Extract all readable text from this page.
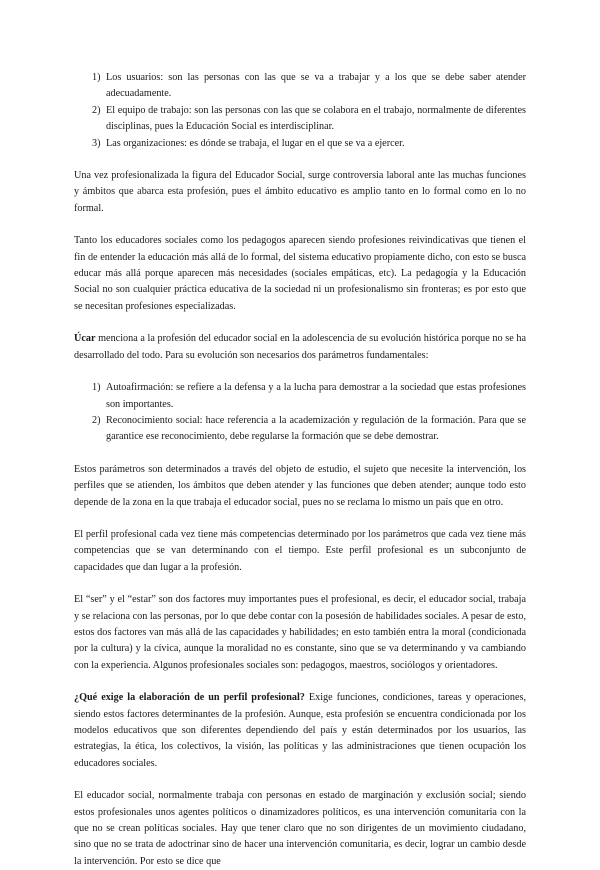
1) Los usuarios: son las personas con las que se va a trabajar y a los que se debe saber atender adecuadamente.
2) El equipo de trabajo: son las personas con las que se colabora en el trabajo, normalmente de diferentes disciplinas, pues la Educación Social es interdisciplinar.
3) Las organizaciones: es dónde se trabaja, el lugar en el que se va a ejercer.

Una vez profesionalizada la figura del Educador Social, surge controversia laboral ante las muchas funciones y ámbitos que abarca esta profesión, pues el ámbito educativo es amplio tanto en lo formal como en lo no formal.

Tanto los educadores sociales como los pedagogos aparecen siendo profesiones reivindicativas que tienen el fin de entender la educación más allá de lo formal, del sistema educativo propiamente dicho, con esto se busca educar más allá porque aparecen más necesidades (sociales empáticas, etc). La pedagogía y la Educación Social no son cualquier práctica educativa de la sociedad ni un profesionalismo sin fronteras; es por esto que se necesitan profesiones especializadas.

Úcar menciona a la profesión del educador social en la adolescencia de su evolución histórica porque no se ha desarrollado del todo. Para su evolución son necesarios dos parámetros fundamentales:

1) Autoafirmación: se refiere a la defensa y a la lucha para demostrar a la sociedad que estas profesiones son importantes.
2) Reconocimiento social: hace referencia a la academización y regulación de la formación. Para que se garantice ese reconocimiento, debe regularse la formación que se debe demostrar.

Estos parámetros son determinados a través del objeto de estudio, el sujeto que necesite la intervención, los perfiles que se atienden, los ámbitos que deben atender y las funciones que deben atender; aunque todo esto depende de la zona en la que trabaja el educador social, pues no se reclama lo mismo un país que en otro.

El perfil profesional cada vez tiene más competencias determinado por los parámetros que cada vez tiene más competencias que se van determinando con el tiempo. Este perfil profesional es un subconjunto de capacidades que dan lugar a la profesión.

El “ser” y el “estar” son dos factores muy importantes pues el profesional, es decir, el educador social, trabaja y se relaciona con las personas, por lo que debe contar con la posesión de habilidades sociales. A pesar de esto, estos dos factores van más allá de las capacidades y habilidades; en esto también entra la moral (condicionada por la cultura) y la cívica, aunque la moralidad no es constante, sino que se va determinando y va cambiando con la experiencia. Algunos profesionales sociales son: pedagogos, maestros, sociólogos y orientadores.

¿Qué exige la elaboración de un perfil profesional? Exige funciones, condiciones, tareas y operaciones, siendo estos factores determinantes de la profesión. Aunque, esta profesión se encuentra condicionada por los modelos educativos que son diferentes dependiendo del país y están determinados por los usuarios, las estrategias, la ética, los colectivos, la visión, las políticas y las administraciones que tienen ocupación los educadores sociales.

El educador social, normalmente trabaja con personas en estado de marginación y exclusión social; siendo estos profesionales unos agentes políticos o dinamizadores políticos, es una intervención comunitaria con la que no se crean políticas sociales. Hay que tener claro que no son dirigentes de un movimiento ciudadano, sino que no se trata de adoctrinar sino de hacer una intervención comunitaria, es decir, lograr un cambio desde la intervención. Por esto se dice que
